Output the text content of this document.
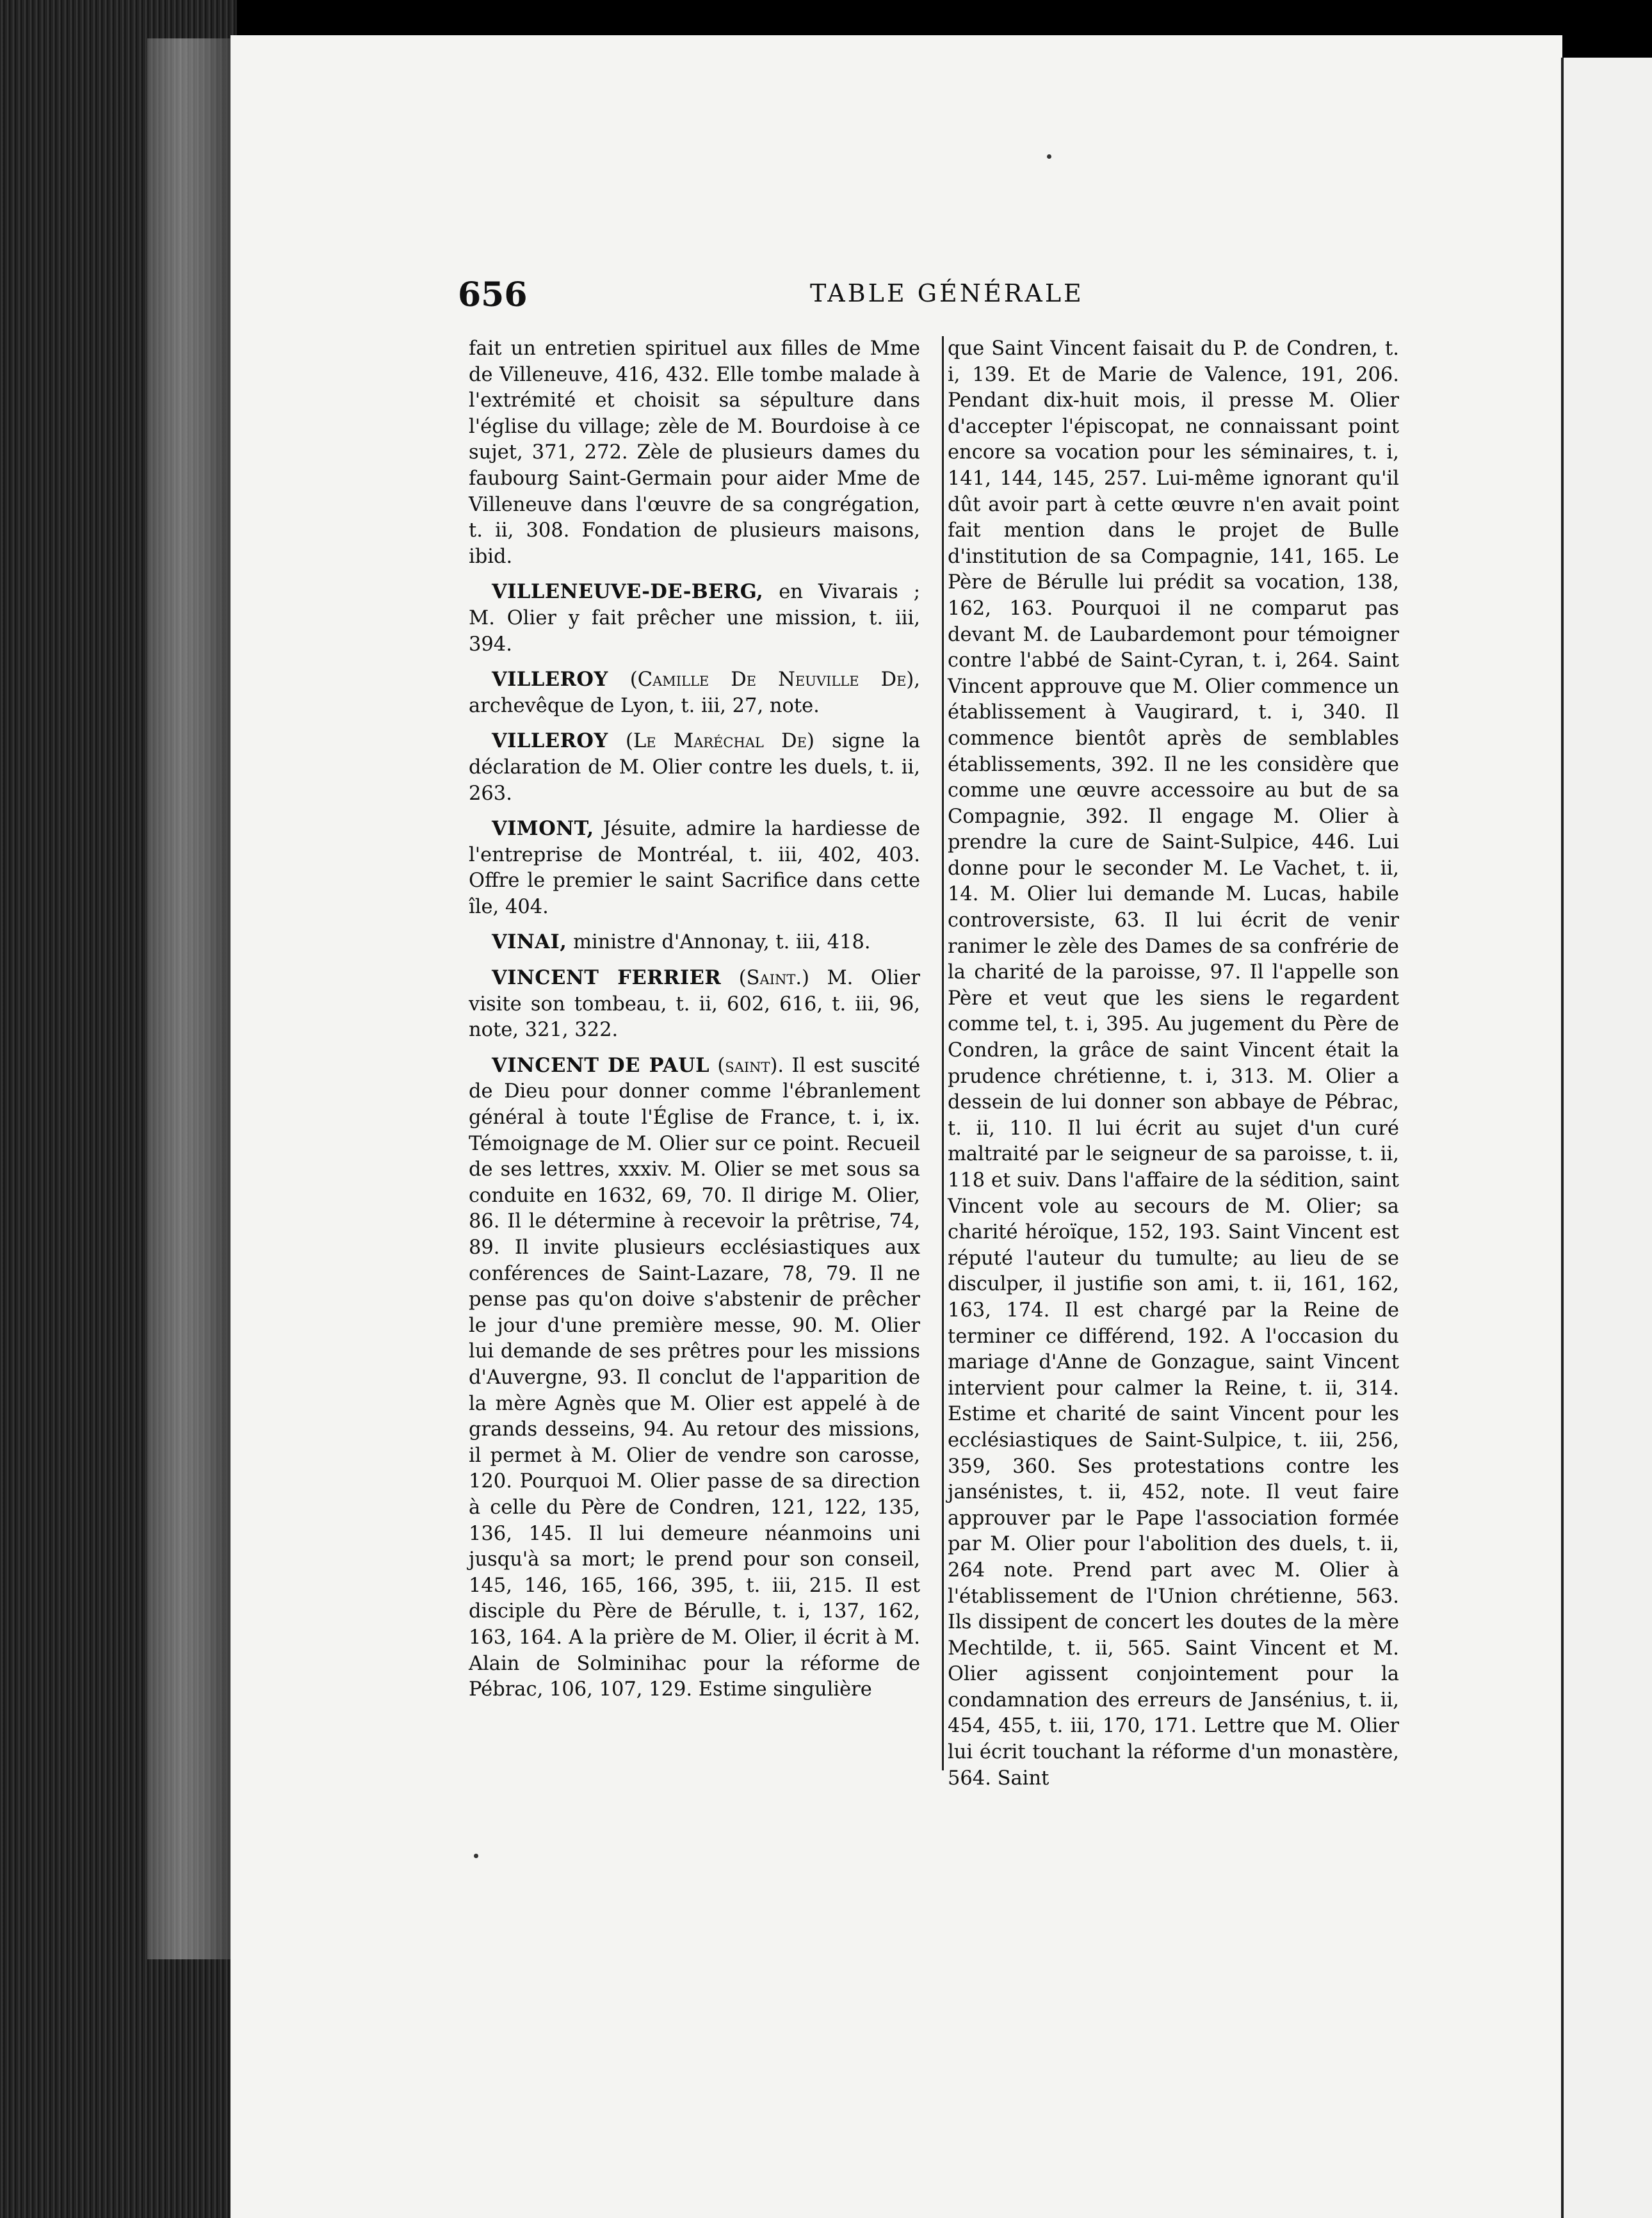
656	TABLE GÉNÉRALE

fait un entretien spirituel aux filles de Mme de Villeneuve, 416, 432. Elle tombe malade à l'extrémité et choisit sa sépulture dans l'église du village; zèle de M. Bourdoise à ce sujet, 371, 272. Zèle de plusieurs dames du faubourg Saint-Germain pour aider Mme de Villeneuve dans l'œuvre de sa congrégation, t. ii, 308. Fondation de plusieurs maisons, ibid.

VILLENEUVE-DE-BERG, en Vivarais ; M. Olier y fait prêcher une mission, t. iii, 394.

VILLEROY (Camille De Neuville De), archevêque de Lyon, t. iii, 27, note.

VILLEROY (Le Maréchal De) signe la déclaration de M. Olier contre les duels, t. ii, 263.

VIMONT, Jésuite, admire la hardiesse de l'entreprise de Montréal, t. iii, 402, 403. Offre le premier le saint Sacrifice dans cette île, 404.

VINAI, ministre d'Annonay, t. iii, 418.

VINCENT FERRIER (Saint.) M. Olier visite son tombeau, t. ii, 602, 616, t. iii, 96, note, 321, 322.

VINCENT DE PAUL (saint). Il est suscité de Dieu pour donner comme l'ébranlement général à toute l'Église de France, t. i, ix. Témoignage de M. Olier sur ce point. Recueil de ses lettres, xxxiv. M. Olier se met sous sa conduite en 1632, 69, 70. Il dirige M. Olier, 86. Il le détermine à recevoir la prêtrise, 74, 89. Il invite plusieurs ecclésiastiques aux conférences de Saint-Lazare, 78, 79. Il ne pense pas qu'on doive s'abstenir de prêcher le jour d'une première messe, 90. M. Olier lui demande de ses prêtres pour les missions d'Auvergne, 93. Il conclut de l'apparition de la mère Agnès que M. Olier est appelé à de grands desseins, 94. Au retour des missions, il permet à M. Olier de vendre son carosse, 120. Pourquoi M. Olier passe de sa direction à celle du Père de Condren, 121, 122, 135, 136, 145. Il lui demeure néanmoins uni jusqu'à sa mort; le prend pour son conseil, 145, 146, 165, 166, 395, t. iii, 215. Il est disciple du Père de Bérulle, t. i, 137, 162, 163, 164. A la prière de M. Olier, il écrit à M. Alain de Solminihac pour la réforme de Pébrac, 106, 107, 129. Estime singulière

que Saint Vincent faisait du P. de Condren, t. i, 139. Et de Marie de Valence, 191, 206. Pendant dix-huit mois, il presse M. Olier d'accepter l'épiscopat, ne connaissant point encore sa vocation pour les séminaires, t. i, 141, 144, 145, 257. Lui-même ignorant qu'il dût avoir part à cette œuvre n'en avait point fait mention dans le projet de Bulle d'institution de sa Compagnie, 141, 165. Le Père de Bérulle lui prédit sa vocation, 138, 162, 163. Pourquoi il ne comparut pas devant M. de Laubardemont pour témoigner contre l'abbé de Saint-Cyran, t. i, 264. Saint Vincent approuve que M. Olier commence un établissement à Vaugirard, t. i, 340. Il commence bientôt après de semblables établissements, 392. Il ne les considère que comme une œuvre accessoire au but de sa Compagnie, 392. Il engage M. Olier à prendre la cure de Saint-Sulpice, 446. Lui donne pour le seconder M. Le Vachet, t. ii, 14. M. Olier lui demande M. Lucas, habile controversiste, 63. Il lui écrit de venir ranimer le zèle des Dames de sa confrérie de la charité de la paroisse, 97. Il l'appelle son Père et veut que les siens le regardent comme tel, t. i, 395. Au jugement du Père de Condren, la grâce de saint Vincent était la prudence chrétienne, t. i, 313. M. Olier a dessein de lui donner son abbaye de Pébrac, t. ii, 110. Il lui écrit au sujet d'un curé maltraité par le seigneur de sa paroisse, t. ii, 118 et suiv. Dans l'affaire de la sédition, saint Vincent vole au secours de M. Olier; sa charité héroïque, 152, 193. Saint Vincent est réputé l'auteur du tumulte; au lieu de se disculper, il justifie son ami, t. ii, 161, 162, 163, 174. Il est chargé par la Reine de terminer ce différend, 192. A l'occasion du mariage d'Anne de Gonzague, saint Vincent intervient pour calmer la Reine, t. ii, 314. Estime et charité de saint Vincent pour les ecclésiastiques de Saint-Sulpice, t. iii, 256, 359, 360. Ses protestations contre les jansénistes, t. ii, 452, note. Il veut faire approuver par le Pape l'association formée par M. Olier pour l'abolition des duels, t. ii, 264 note. Prend part avec M. Olier à l'établissement de l'Union chrétienne, 563. Ils dissipent de concert les doutes de la mère Mechtilde, t. ii, 565. Saint Vincent et M. Olier agissent conjointement pour la condamnation des erreurs de Jansénius, t. ii, 454, 455, t. iii, 170, 171. Lettre que M. Olier lui écrit touchant la réforme d'un monastère, 564. Saint
